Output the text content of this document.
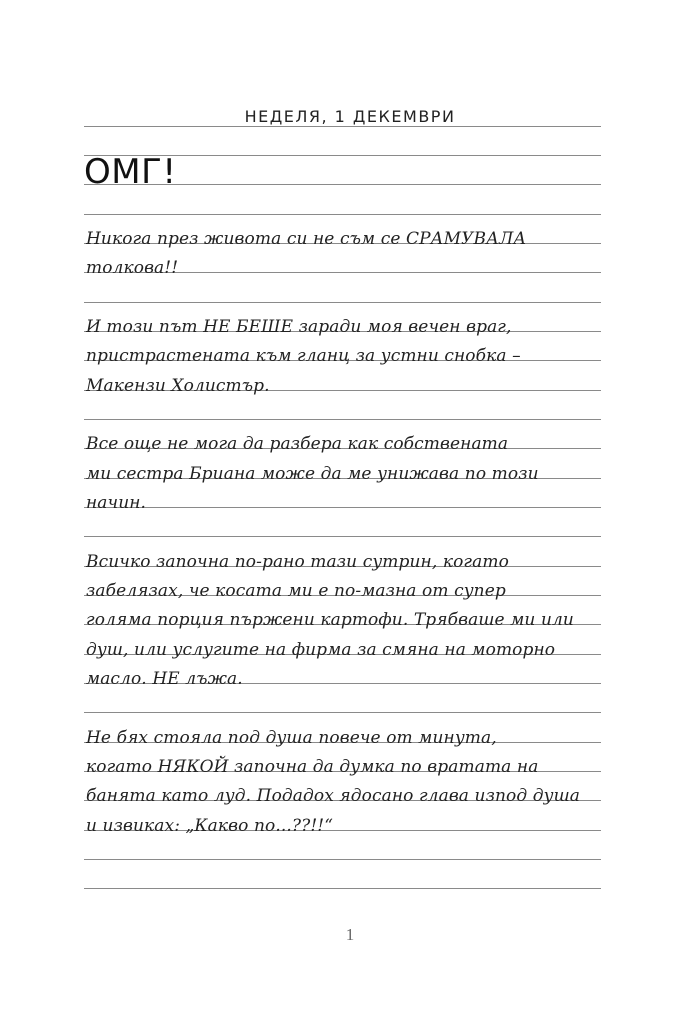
НЕДЕЛЯ, 1 ДЕКЕМВРИ
ОМГ!
Никога през живота си не съм се СРАМУВАЛА
толкова!!
И този път НЕ БЕШЕ заради моя вечен враг,
пристрастената към гланц за устни снобка –
Макензи Холистър.
Все още не мога да разбера как собствената
ми сестра Бриана може да ме унижава по този
начин.
Всичко започна по-рано тази сутрин, когато
забелязах, че косата ми е по-мазна от супер
голяма порция пържени картофи. Трябваше ми или
душ, или услугите на фирма за смяна на моторно
масло. НЕ лъжа.
Не бях стояла под душа повече от минута,
когато НЯКОЙ започна да думка по вратата на
банята като луд. Подадох ядосано глава изпод душа
и извиках: „Какво по...??!!“
1
